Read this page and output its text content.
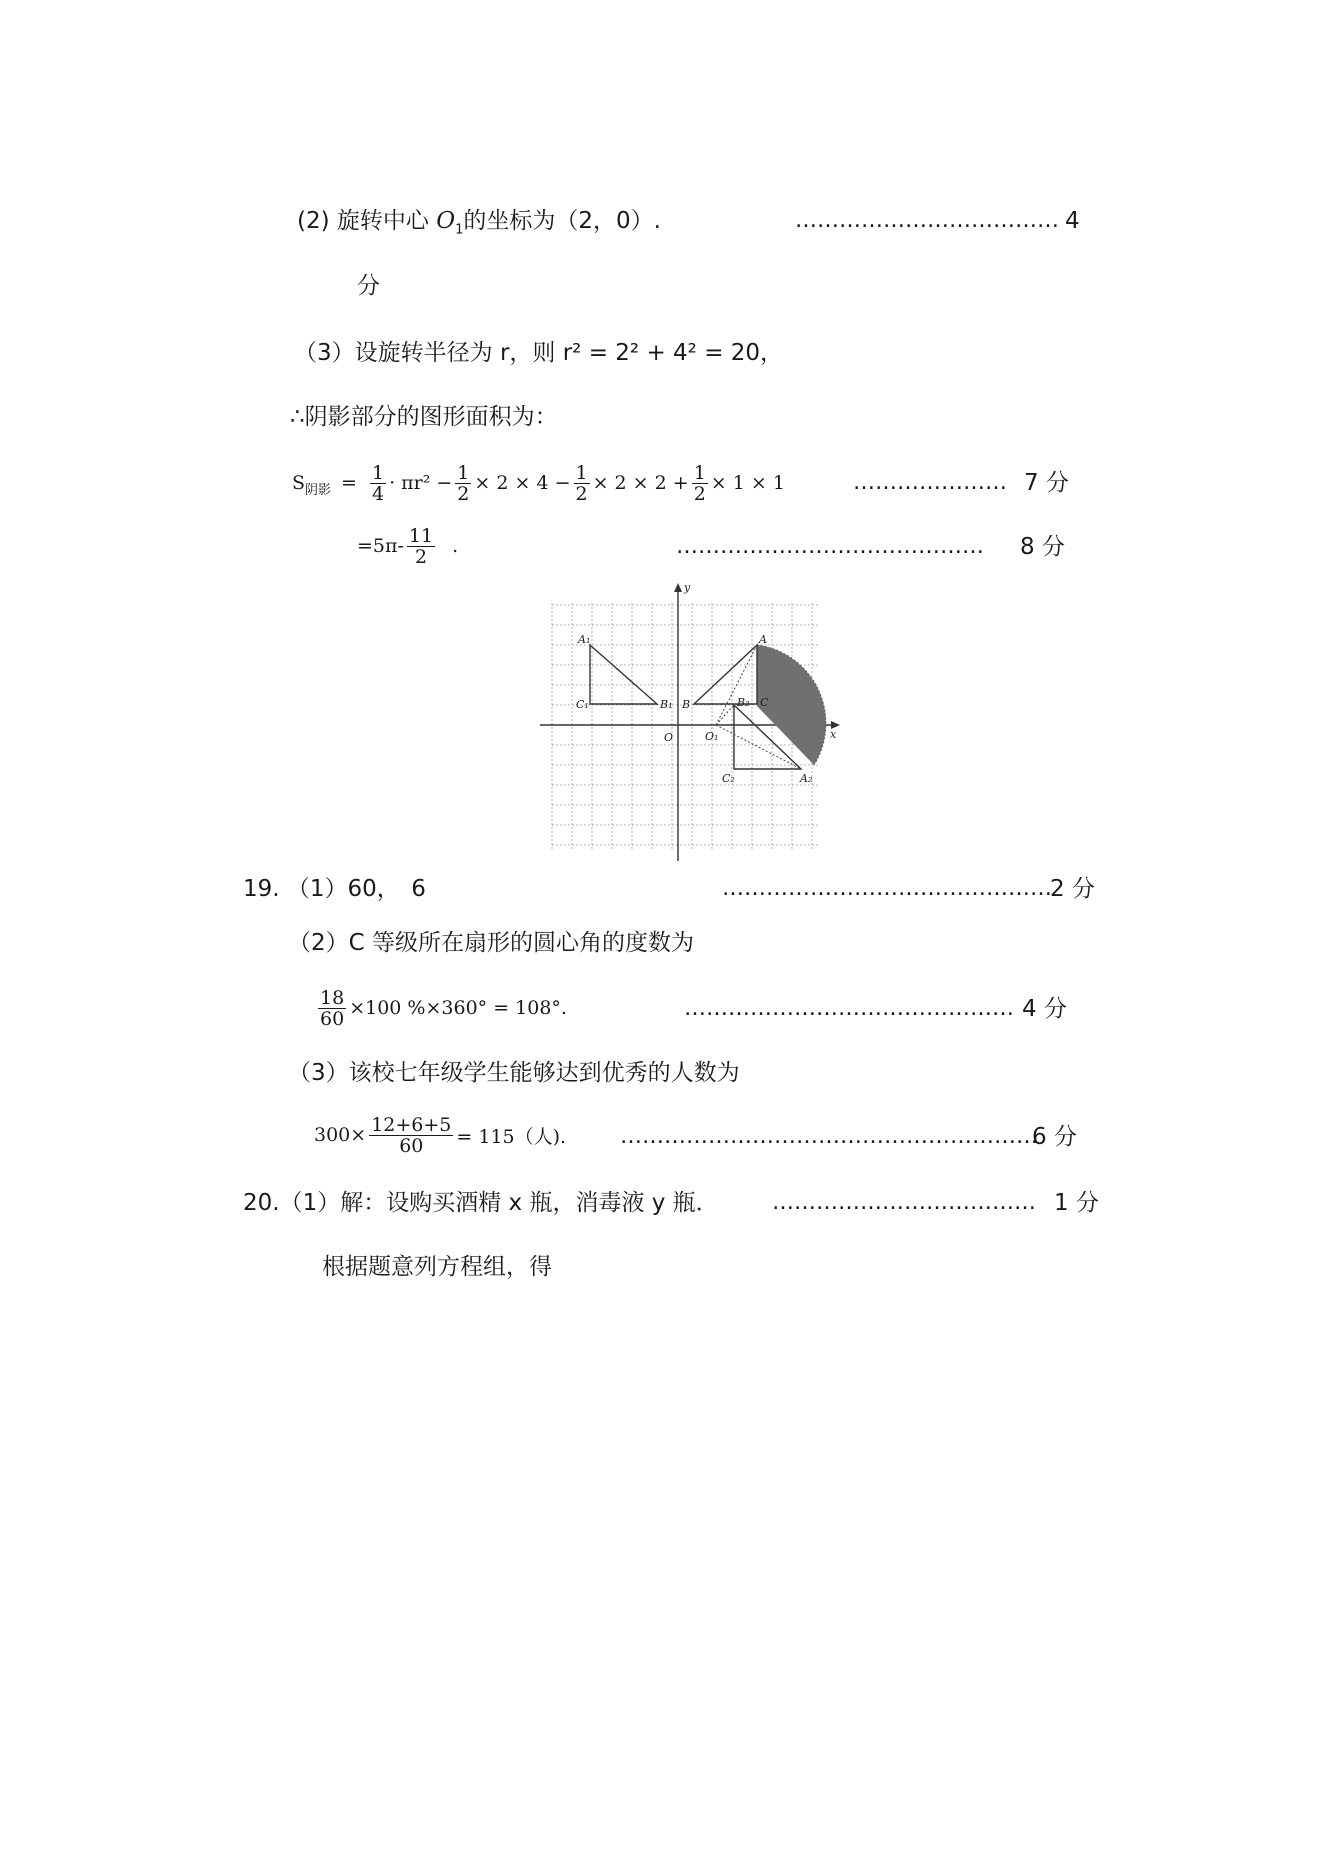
(2) 旋转中心 $O_1$的坐标为（2，0）.	……………………………… 4
分
（3）设旋转半径为 r，则 r² = 2² + 4² = 20，
∴阴影部分的图形面积为：
$S_{阴影} = \frac{1}{4} \cdot \pi r^2 - \frac{1}{2} \times 2 \times 4 - \frac{1}{2} \times 2 \times 2 + \frac{1}{2} \times 1 \times 1$	………………… 7 分
$=5\pi- \frac{11}{2}$ .	…………………………………… 8 分
A₁
C₁	B₁ B
A
B₂ C
O	O₁
C₂	A₂
x
y
19. （1）60，　6	………………………………………
2 分
（2）C 等级所在扇形的圆心角的度数为
$\frac{18}{60} \times 100$ %×360° = 108°.	……………………………………… 4 分
（3）该校七年级学生能够达到优秀的人数为
$300\times \frac{12+6+5}{60} = 115$（人). …………………………………………………
6 分
20.（1）解：设购买酒精 x 瓶，消毒液 y 瓶． ……………………………… 1 分
根据题意列方程组，得
